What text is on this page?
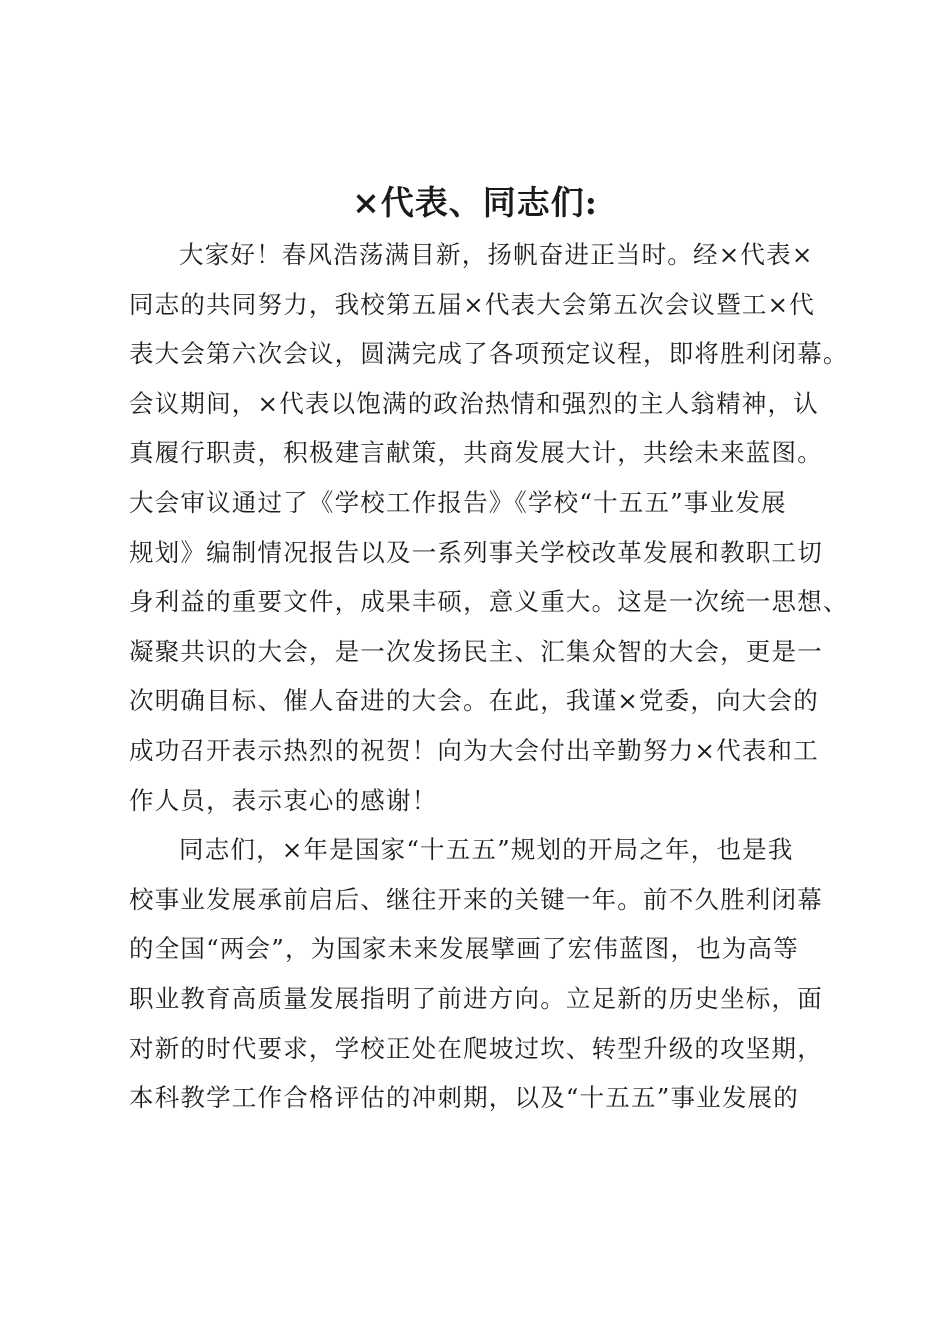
×代表、同志们:
大家好！春风浩荡满目新，扬帆奋进正当时。经×代表×
同志的共同努力，我校第五届×代表大会第五次会议暨工×代
表大会第六次会议，圆满完成了各项预定议程，即将胜利闭幕。
会议期间，×代表以饱满的政治热情和强烈的主人翁精神，认
真履行职责，积极建言献策，共商发展大计，共绘未来蓝图。
大会审议通过了《学校工作报告》《学校“十五五”事业发展
规划》编制情况报告以及一系列事关学校改革发展和教职工切
身利益的重要文件，成果丰硕，意义重大。这是一次统一思想、
凝聚共识的大会，是一次发扬民主、汇集众智的大会，更是一
次明确目标、催人奋进的大会。在此，我谨×党委，向大会的
成功召开表示热烈的祝贺！向为大会付出辛勤努力×代表和工
作人员，表示衷心的感谢！
同志们，×年是国家“十五五”规划的开局之年，也是我
校事业发展承前启后、继往开来的关键一年。前不久胜利闭幕
的全国“两会”，为国家未来发展擘画了宏伟蓝图，也为高等
职业教育高质量发展指明了前进方向。立足新的历史坐标，面
对新的时代要求，学校正处在爬坡过坎、转型升级的攻坚期，
本科教学工作合格评估的冲刺期，以及“十五五”事业发展的
